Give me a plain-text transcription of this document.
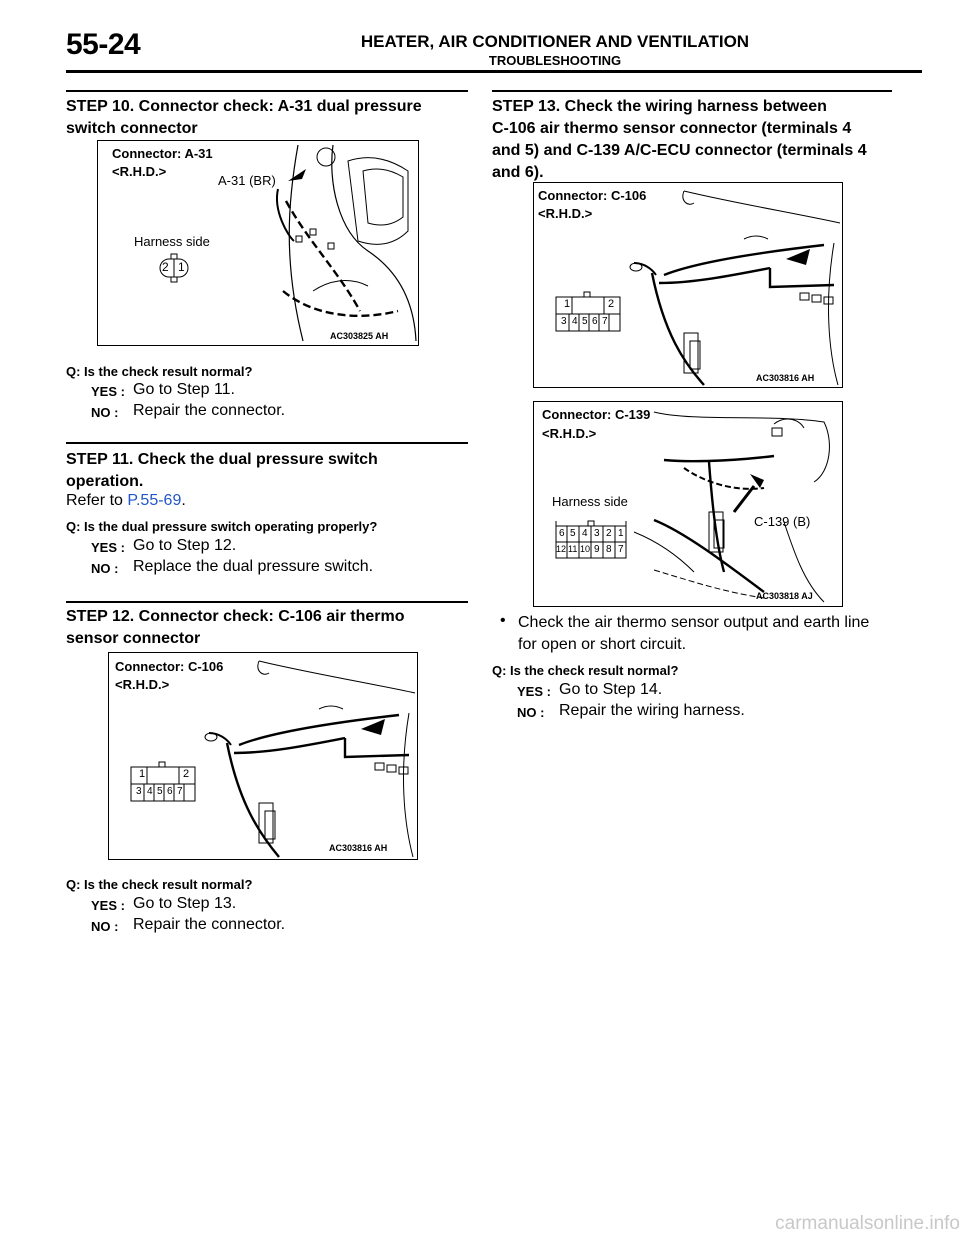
55-24	HEATER, AIR CONDITIONER AND VENTILATION
TROUBLESHOOTING
STEP 10. Connector check: A-31 dual pressure
switch connector
Connector: A-31
<R.H.D.>
A-31 (BR)
Harness side
2 1
AC303825 AH
Q: Is the check result normal?
YES : Go to Step 11.
NO : Repair the connector.
STEP 11. Check the dual pressure switch
operation.
Refer to P.55-69.
Q: Is the dual pressure switch operating properly?
YES : Go to Step 12.
NO : Replace the dual pressure switch.
STEP 12. Connector check: C-106 air thermo
sensor connector
Connector: C-106
<R.H.D.>
1	2
3 4 5 6 7
AC303816 AH
Q: Is the check result normal?
YES : Go to Step 13.
NO : Repair the connector.
STEP 13. Check the wiring harness between
C-106 air thermo sensor connector (terminals 4
and 5) and C-139 A/C-ECU connector (terminals 4
and 6).
Connector: C-106
<R.H.D.>
1	2
3 4 5 6 7
AC303816 AH
Connector: C-139
<R.H.D.>
Harness side
C-139 (B)
6 5 4 3 2 1
12 11 10 9 8 7
AC303818 AJ
• Check the air thermo sensor output and earth line
for open or short circuit.
Q: Is the check result normal?
YES : Go to Step 14.
NO : Repair the wiring harness.
carmanualsonline.info
